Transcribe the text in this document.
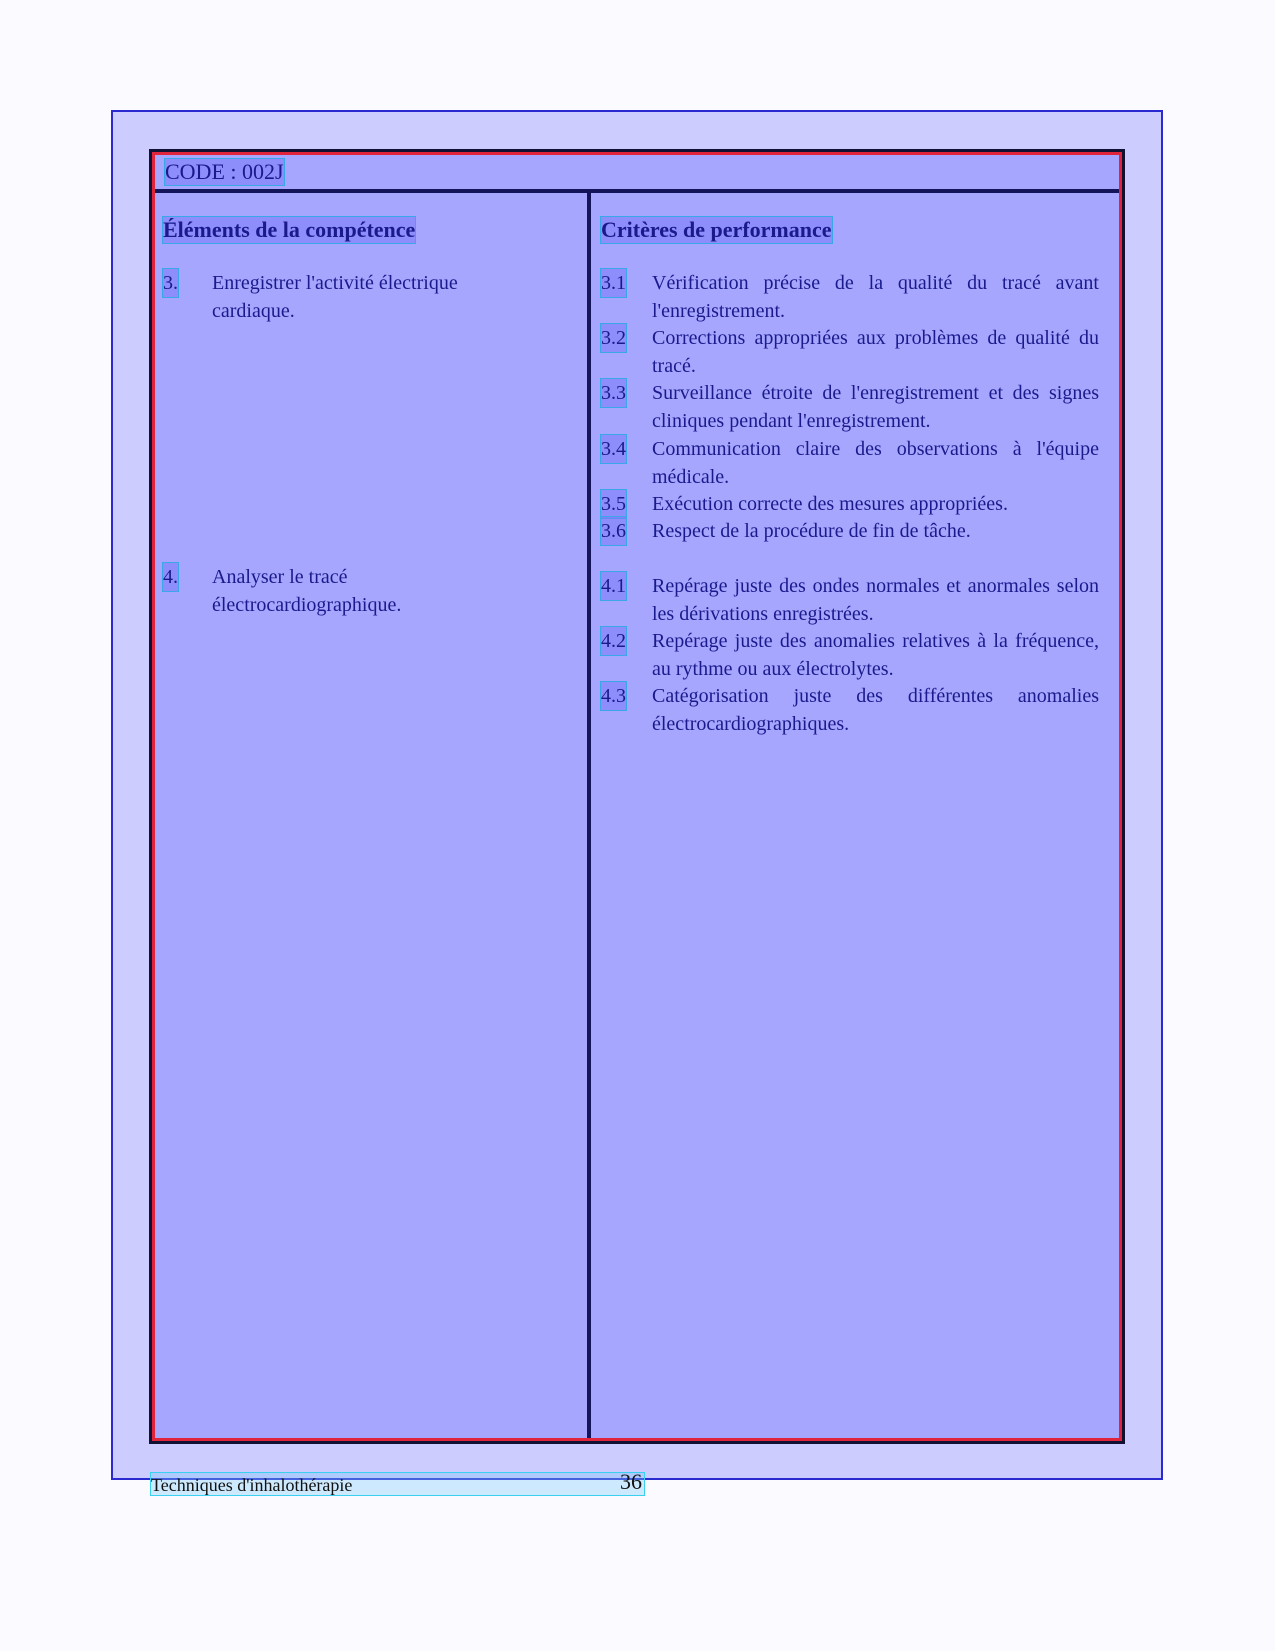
CODE : 002J
Éléments de la compétence
3. Enregistrer l'activité électrique cardiaque.
4. Analyser le tracé électrocardiographique.
Critères de performance
3.1 Vérification précise de la qualité du tracé avant l'enregistrement.
3.2 Corrections appropriées aux problèmes de qualité du tracé.
3.3 Surveillance étroite de l'enregistrement et des signes cliniques pendant l'enregistrement.
3.4 Communication claire des observations à l'équipe médicale.
3.5 Exécution correcte des mesures appropriées.
3.6 Respect de la procédure de fin de tâche.
4.1 Repérage juste des ondes normales et anormales selon les dérivations enregistrées.
4.2 Repérage juste des anomalies relatives à la fréquence, au rythme ou aux électrolytes.
4.3 Catégorisation juste des différentes anomalies électrocardiographiques.
Techniques d'inhalothérapie	36
